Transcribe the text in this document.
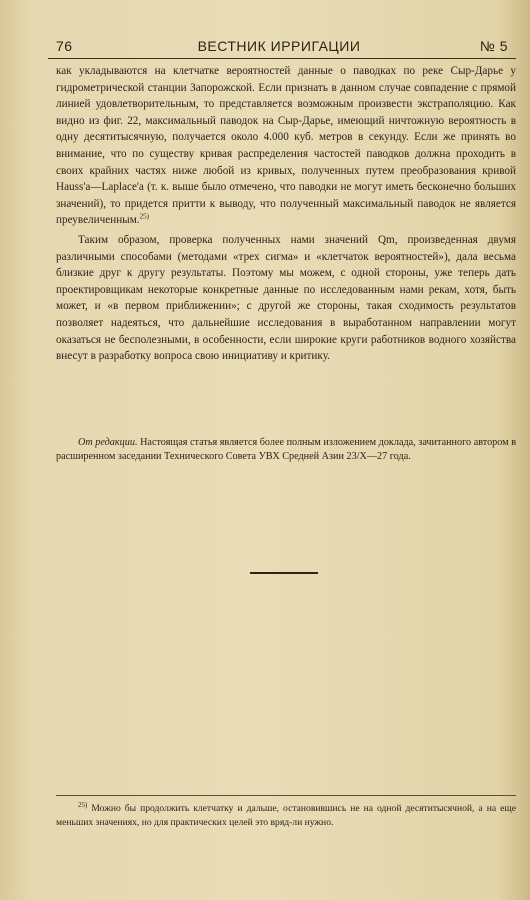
76	ВЕСТНИК ИРРИГАЦИИ	№ 5

как укладываются на клетчатке вероятностей данные о паводках по реке Сыр-Дарье у гидрометрической станции Запорожской. Если признать в данном случае совпадение с прямой линией удовлетворительным, то представляется возможным произвести экстраполяцию. Как видно из фиг. 22, максимальный паводок на Сыр-Дарье, имеющий ничтожную вероятность в одну десятитысячную, получается около 4.000 куб. метров в секунду. Если же принять во внимание, что по существу кривая распределения частостей паводков должна проходить в своих крайних частях ниже любой из кривых, полученных путем преобразования кривой Hauss'a—Laplace'a (т. к. выше было отмечено, что паводки не могут иметь бесконечно больших значений), то придется притти к выводу, что полученный максимальный паводок не является преувеличенным.$^{25)}$

Таким образом, проверка полученных нами значений Qm, произведенная двумя различными способами (методами «трех сигма» и «клетчаток вероятностей»), дала весьма близкие друг к другу результаты. Поэтому мы можем, с одной стороны, уже теперь дать проектировщикам некоторые конкретные данные по исследованным нами рекам, хотя, быть может, и «в первом приближении»; с другой же стороны, такая сходимость результатов позволяет надеяться, что дальнейшие исследования в выработанном направлении могут оказаться не бесполезными, в особенности, если широкие круги работников водного хозяйства внесут в разработку вопроса свою инициативу и критику.

От редакции. Настоящая статья является более полным изложением доклада, зачитанного автором в расширенном заседании Технического Совета УВХ Средней Азии 23/X—27 года.

$^{25)}$ Можно бы продолжить клетчатку и дальше, остановившись не на одной десятитысячной, а на еще меньших значениях, но для практических целей это вряд-ли нужно.
